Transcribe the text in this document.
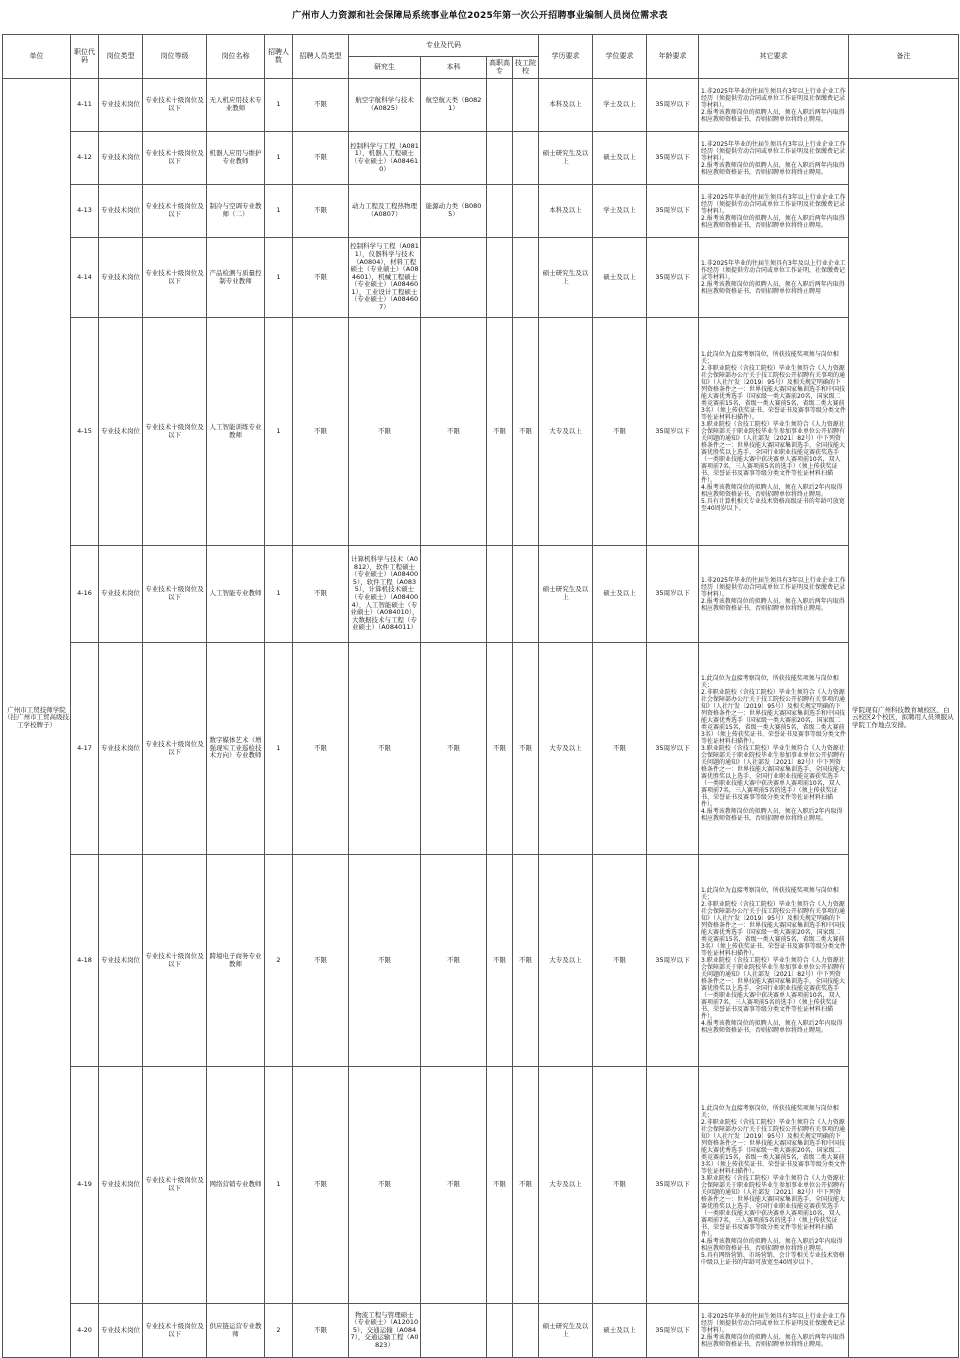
广州市人力资源和社会保障局系统事业单位2025年第一次公开招聘事业编制人员岗位需求表
单位	职位代码	岗位类型	岗位等级	岗位名称	招聘人数	招聘人员类型	专业及代码				学历要求	学位要求	年龄要求	其它要求	备注
							研究生	本科	高职高专	技工院校					
广州市工贸技师学院（挂广州市工贸高级技工学校牌子）	4-11	专业技术岗位	专业技术十级岗位及以下	无人机应用技术专业教师	1	不限	航空宇航科学与技术（A0825）	航空航天类（B0821）			本科及以上	学士及以上	35周岁以下	1.非2025年毕业的往届生须具有3年以上行业企业工作经历（须提供劳动合同或单位工作证明及社保缴费记录等材料）。
2.报考该教师岗位的拟聘人员，须在入职后两年内取得相应教师资格证书，否则招聘单位将终止聘用。	学院现有广州科技教育城校区、白云校区2个校区，拟聘用人员须服从学院工作地点安排。
	4-12	专业技术岗位	专业技术十级岗位及以下	机器人应用与维护专业教师	1	不限	控制科学与工程（A0811），机器人工程硕士（专业硕士）（A084610）				硕士研究生及以上	硕士及以上	35周岁以下	1.非2025年毕业的往届生须具有3年以上行业企业工作经历（须提供劳动合同或单位工作证明及社保缴费记录等材料）。
2.报考该教师岗位的拟聘人员，须在入职后两年内取得相应教师资格证书，否则招聘单位将终止聘用。	
	4-13	专业技术岗位	专业技术十级岗位及以下	制冷与空调专业教师（二）	1	不限	动力工程及工程热物理（A0807）	能源动力类（B0805）			本科及以上	学士及以上	35周岁以下	1.非2025年毕业的往届生须具有3年以上行业企业工作经历（须提供劳动合同或单位工作证明及社保缴费记录等材料）。
2.报考该教师岗位的拟聘人员，须在入职后两年内取得相应教师资格证书，否则招聘单位将终止聘用。	
	4-14	专业技术岗位	专业技术十级岗位及以下	产品检测与质量控制专业教师	1	不限	控制科学与工程（A0811），仪器科学与技术（A0804），材料工程硕士（专业硕士）（A084601），机械工程硕士（专业硕士）（A084601），工业设计工程硕士（专业硕士）（A084607）				硕士研究生及以上	硕士及以上	35周岁以下	1.非2025年毕业的往届生须具有3年及以上行业企业工作经历（须提供劳动合同或单位工作证明，社保缴费记录等材料）。
2.报考该教师岗位的拟聘人员，须在入职后两年内取得相应教师资格证书，否则招聘单位将终止聘用	
	4-15	专业技术岗位	专业技术十级岗位及以下	人工智能训练专业教师	1	不限	不限	不限	不限	不限	大专及以上	不限	35周岁以下	1.此岗位为直接考察岗位，所获技能奖项须与岗位相关；
2.非职业院校（含技工院校）毕业生须符合《人力资源社会保障部办公厅关于技工院校公开招聘有关事项的通知》（人社厅发〔2019〕95号）及相关规定明确的下列资格条件之一：世界技能大赛国家集训选手和中国技能大赛优秀选手（国家级一类大赛前20名，国家级二类竞赛前15名，省级一类大赛前5名，省级二类大赛前3名）（须上传获奖证书、荣誉证书及赛事等级分类文件等佐证材料扫描件）。
3.职业院校（含技工院校）毕业生须符合《人力资源社会保障部关于职业院校毕业生参加事业单位公开招聘有关问题的通知》（人社部发〔2021〕82号）中下列资格条件之一：世界技能大赛国家集训选手、全国技能大赛优胜奖以上选手、全国行业职业技能竞赛获奖选手（一类职业技能大赛中获决赛单人赛项前10名，双人赛项前7名，三人赛项前5名的选手）（须上传获奖证书、荣誉证书及赛事等级分类文件等佐证材料扫描件）。
4.报考该教师岗位的拟聘人员，须在入职后2年内取得相应教师资格证书，否则招聘单位将终止聘用。
5.具有计算机相关专业技术资格高级证书的年龄可放宽至40周岁以下。	
	4-16	专业技术岗位	专业技术十级岗位及以下	人工智能专业教师	1	不限	计算机科学与技术（A0812），软件工程硕士（专业硕士）（A084005），软件工程（A0835），计算机技术硕士（专业硕士）（A084004），人工智能硕士（专业硕士）（A084010），大数据技术与工程（专业硕士）（A084011）				硕士研究生及以上	硕士及以上	35周岁以下	1.非2025年毕业的往届生须具有3年以上行业企业工作经历（须提供劳动合同或单位工作证明及社保缴费记录等材料）。
2.报考该教师岗位的拟聘人员，须在入职后两年内取得相应教师资格证书，否则招聘单位将终止聘用。	
	4-17	专业技术岗位	专业技术十级岗位及以下	数字媒体艺术（增强现实工业巡检技术方向）专业教师	1	不限	不限	不限	不限	不限	大专及以上	不限	35周岁以下	1.此岗位为直接考察岗位，所获技能奖项须与岗位相关；
2.非职业院校（含技工院校）毕业生须符合《人力资源社会保障部办公厅关于技工院校公开招聘有关事项的通知》（人社厅发〔2019〕95号）及相关规定明确的下列资格条件之一：世界技能大赛国家集训选手和中国技能大赛优秀选手（国家级一类大赛前20名，国家级二类竞赛前15名，省级一类大赛前5名，省级二类大赛前3名）（须上传获奖证书、荣誉证书及赛事等级分类文件等佐证材料扫描件）。
3.职业院校（含技工院校）毕业生须符合《人力资源社会保障部关于职业院校毕业生参加事业单位公开招聘有关问题的通知》（人社部发〔2021〕82号）中下列资格条件之一：世界技能大赛国家集训选手、全国技能大赛优胜奖以上选手、全国行业职业技能竞赛获奖选手（一类职业技能大赛中获决赛单人赛项前10名，双人赛项前7名，三人赛项前5名的选手）（须上传获奖证书、荣誉证书及赛事等级分类文件等佐证材料扫描件）。
4.报考该教师岗位的拟聘人员，须在入职后2年内取得相应教师资格证书，否则招聘单位将终止聘用。	
	4-18	专业技术岗位	专业技术十级岗位及以下	跨境电子商务专业教师	2	不限	不限	不限	不限	不限	大专及以上	不限	35周岁以下	1.此岗位为直接考察岗位，所获技能奖项须与岗位相关；
2.非职业院校（含技工院校）毕业生须符合《人力资源社会保障部办公厅关于技工院校公开招聘有关事项的通知》（人社厅发〔2019〕95号）及相关规定明确的下列资格条件之一：世界技能大赛国家集训选手和中国技能大赛优秀选手（国家级一类大赛前20名，国家级二类竞赛前15名，省级一类大赛前5名，省级二类大赛前3名）（须上传获奖证书、荣誉证书及赛事等级分类文件等佐证材料扫描件）。
3.职业院校（含技工院校）毕业生须符合《人力资源社会保障部关于职业院校毕业生参加事业单位公开招聘有关问题的通知》（人社部发〔2021〕82号）中下列资格条件之一：世界技能大赛国家集训选手、全国技能大赛优胜奖以上选手、全国行业职业技能竞赛获奖选手（一类职业技能大赛中获决赛单人赛项前10名，双人赛项前7名，三人赛项前5名的选手）（须上传获奖证书、荣誉证书及赛事等级分类文件等佐证材料扫描件）。
4.报考该教师岗位的拟聘人员，须在入职后2年内取得相应教师资格证书，否则招聘单位将终止聘用。	
	4-19	专业技术岗位	专业技术十级岗位及以下	网络营销专业教师	1	不限	不限	不限	不限	不限	大专及以上	不限	35周岁以下	1.此岗位为直接考察岗位，所获技能奖项须与岗位相关；
2.非职业院校（含技工院校）毕业生须符合《人力资源社会保障部办公厅关于技工院校公开招聘有关事项的通知》（人社厅发〔2019〕95号）及相关规定明确的下列资格条件之一：世界技能大赛国家集训选手和中国技能大赛优秀选手（国家级一类大赛前20名，国家级二类竞赛前15名，省级一类大赛前5名，省级二类大赛前3名）（须上传获奖证书、荣誉证书及赛事等级分类文件等佐证材料扫描件）。
3.职业院校（含技工院校）毕业生须符合《人力资源社会保障部关于职业院校毕业生参加事业单位公开招聘有关问题的通知》（人社部发〔2021〕82号）中下列资格条件之一：世界技能大赛国家集训选手、全国技能大赛优胜奖以上选手、全国行业职业技能竞赛获奖选手（一类职业技能大赛中获决赛单人赛项前10名，双人赛项前7名，三人赛项前5名的选手）（须上传获奖证书、荣誉证书及赛事等级分类文件等佐证材料扫描件）。
4.报考该教师岗位的拟聘人员，须在入职后2年内取得相应教师资格证书，否则招聘单位将终止聘用。
5.具有网络营销、市场营销、会计等相关专业技术资格中级以上证书的年龄可放宽至40周岁以下。	
	4-20	专业技术岗位	专业技术十级岗位及以下	供应链运营专业教师	2	不限	物流工程与管理硕士（专业硕士）（A120105），交通运输（A0847），交通运输工程（A0823）				硕士研究生及以上	硕士及以上	35周岁以下	1.非2025年毕业的往届生须具有3年以上行业企业工作经历（须提供劳动合同或单位工作证明及社保缴费记录等材料）。
2.报考该教师岗位的拟聘人员，须在入职后两年内取得相应教师资格证书，否则招聘单位将终止聘用。	
